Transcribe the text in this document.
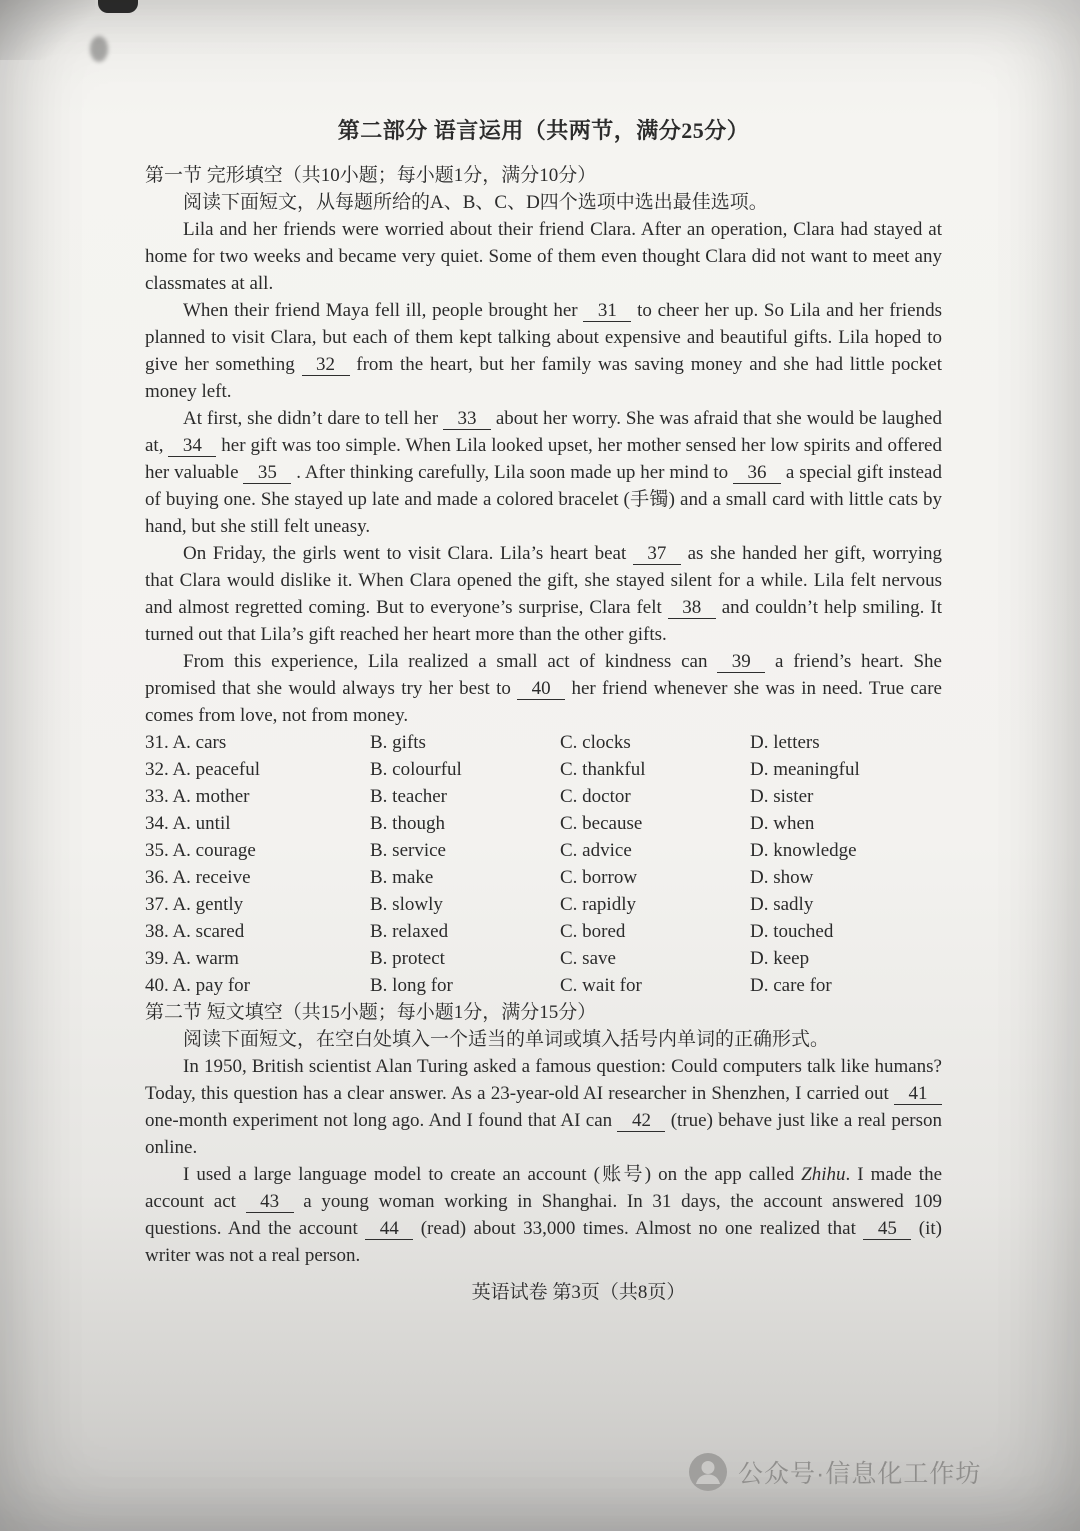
第二部分 语言运用（共两节，满分25分）
第一节 完形填空（共10小题；每小题1分，满分10分）

阅读下面短文，从每题所给的A、B、C、D四个选项中选出最佳选项。

Lila and her friends were worried about their friend Clara. After an operation, Clara had stayed at home for two weeks and became very quiet. Some of them even thought Clara did not want to meet any classmates at all.

When their friend Maya fell ill, people brought her 31 to cheer her up. So Lila and her friends planned to visit Clara, but each of them kept talking about expensive and beautiful gifts. Lila hoped to give her something 32 from the heart, but her family was saving money and she had little pocket money left.

At first, she didn’t dare to tell her 33 about her worry. She was afraid that she would be laughed at, 34 her gift was too simple. When Lila looked upset, her mother sensed her low spirits and offered her valuable 35 . After thinking carefully, Lila soon made up her mind to 36 a special gift instead of buying one. She stayed up late and made a colored bracelet (手镯) and a small card with little cats by hand, but she still felt uneasy.

On Friday, the girls went to visit Clara. Lila’s heart beat 37 as she handed her gift, worrying that Clara would dislike it. When Clara opened the gift, she stayed silent for a while. Lila felt nervous and almost regretted coming. But to everyone’s surprise, Clara felt 38 and couldn’t help smiling. It turned out that Lila’s gift reached her heart more than the other gifts.

From this experience, Lila realized a small act of kindness can 39 a friend’s heart. She promised that she would always try her best to 40 her friend whenever she was in need. True care comes from love, not from money.

31. A. cars	B. gifts	C. clocks	D. letters
32. A. peaceful	B. colourful	C. thankful	D. meaningful
33. A. mother	B. teacher	C. doctor	D. sister
34. A. until	B. though	C. because	D. when
35. A. courage	B. service	C. advice	D. knowledge
36. A. receive	B. make	C. borrow	D. show
37. A. gently	B. slowly	C. rapidly	D. sadly
38. A. scared	B. relaxed	C. bored	D. touched
39. A. warm	B. protect	C. save	D. keep
40. A. pay for	B. long for	C. wait for	D. care for
第二节 短文填空（共15小题；每小题1分，满分15分）

阅读下面短文，在空白处填入一个适当的单词或填入括号内单词的正确形式。

In 1950, British scientist Alan Turing asked a famous question: Could computers talk like humans? Today, this question has a clear answer. As a 23-year-old AI researcher in Shenzhen, I carried out 41 one-month experiment not long ago. And I found that AI can 42 (true) behave just like a real person online.

I used a large language model to create an account (账号) on the app called Zhihu. I made the account act 43 a young woman working in Shanghai. In 31 days, the account answered 109 questions. And the account 44 (read) about 33,000 times. Almost no one realized that 45 (it) writer was not a real person.

英语试卷 第3页（共8页）
公众号·信息化工作坊
